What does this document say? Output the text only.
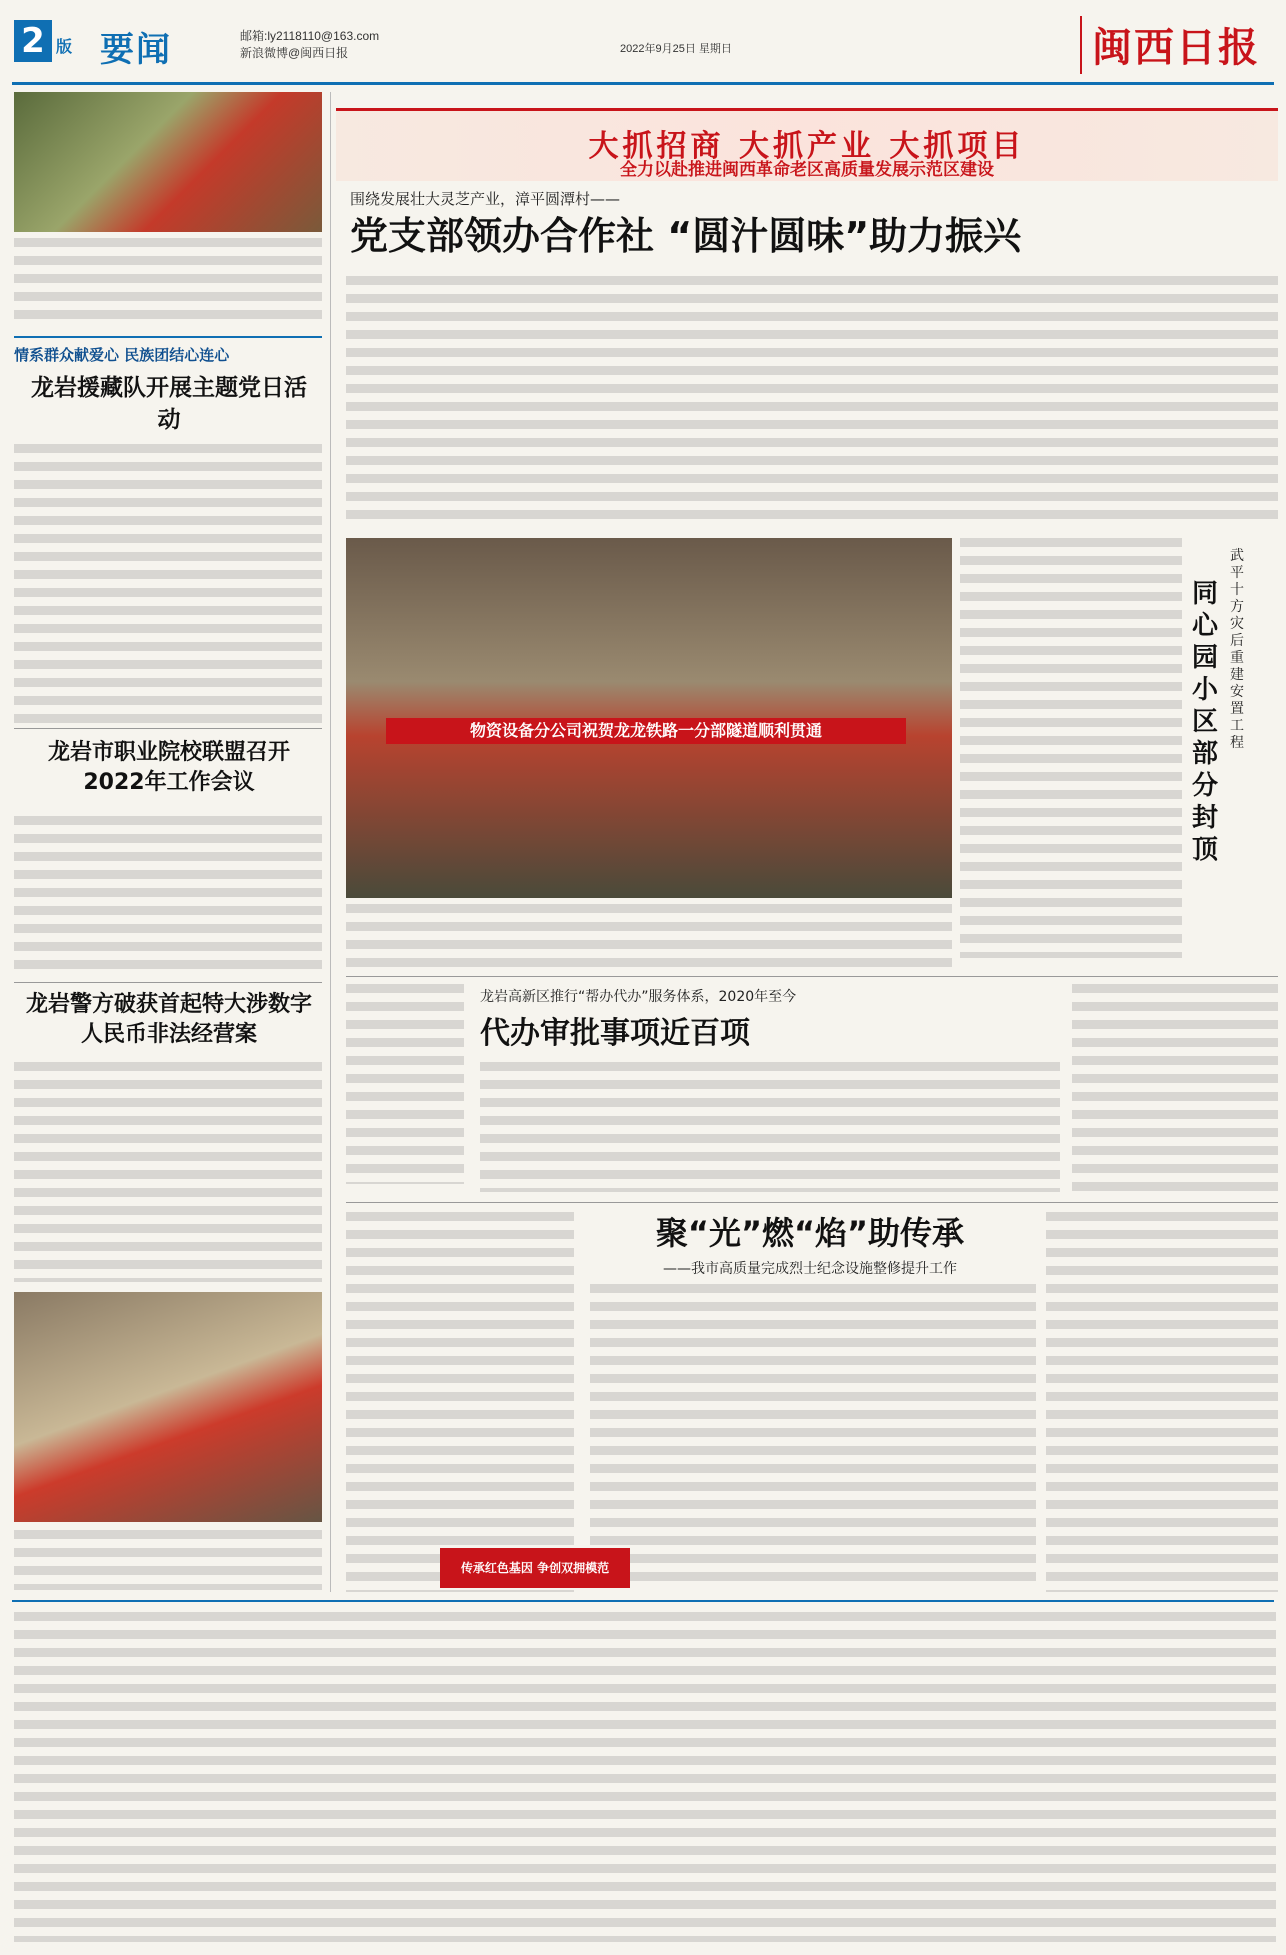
2 版 要闻	邮箱:ly2118110@163.com
新浪微博@闽西日报	2022年9月25日 星期日	闽西日报
情系群众献爱心 民族团结心连心
龙岩援藏队开展主题党日活动
龙岩市职业院校联盟召开2022年工作会议
龙岩警方破获首起特大涉数字人民币非法经营案
大抓招商 大抓产业 大抓项目
全力以赴推进闽西革命老区高质量发展示范区建设
围绕发展壮大灵芝产业，漳平圆潭村——
党支部领办合作社 “圆汁圆味”助力振兴
物资设备分公司祝贺龙龙铁路一分部隧道顺利贯通
武平十方灾后重建安置工程
同心园小区部分封顶
龙岩高新区推行“帮办代办”服务体系，2020年至今
代办审批事项近百项
聚“光”燃“焰”助传承
——我市高质量完成烈士纪念设施整修提升工作
传承红色基因 争创双拥模范
